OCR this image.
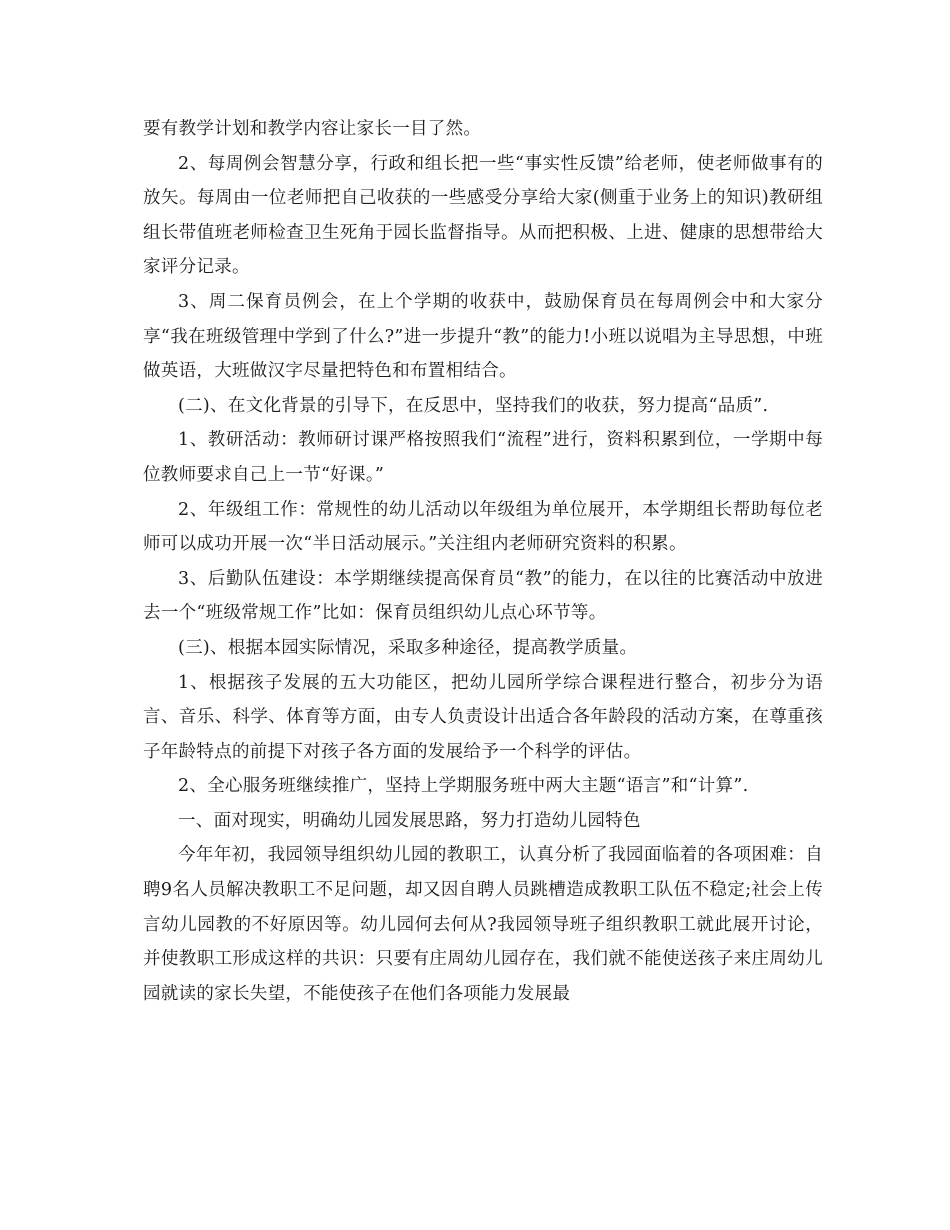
要有教学计划和教学内容让家长一目了然。

2、每周例会智慧分享，行政和组长把一些“事实性反馈”给老师，使老师做事有的放矢。每周由一位老师把自己收获的一些感受分享给大家(侧重于业务上的知识)教研组组长带值班老师检查卫生死角于园长监督指导。从而把积极、上进、健康的思想带给大家评分记录。

3、周二保育员例会，在上个学期的收获中，鼓励保育员在每周例会中和大家分享“我在班级管理中学到了什么?”进一步提升“教”的能力!小班以说唱为主导思想，中班做英语，大班做汉字尽量把特色和布置相结合。

(二)、在文化背景的引导下，在反思中，坚持我们的收获，努力提高“品质”.

1、教研活动：教师研讨课严格按照我们“流程”进行，资料积累到位，一学期中每位教师要求自己上一节“好课。”

2、年级组工作：常规性的幼儿活动以年级组为单位展开，本学期组长帮助每位老师可以成功开展一次“半日活动展示。”关注组内老师研究资料的积累。

3、后勤队伍建设：本学期继续提高保育员“教”的能力，在以往的比赛活动中放进去一个“班级常规工作”比如：保育员组织幼儿点心环节等。

(三)、根据本园实际情况，采取多种途径，提高教学质量。

1、根据孩子发展的五大功能区，把幼儿园所学综合课程进行整合，初步分为语言、音乐、科学、体育等方面，由专人负责设计出适合各年龄段的活动方案，在尊重孩子年龄特点的前提下对孩子各方面的发展给予一个科学的评估。

2、全心服务班继续推广，坚持上学期服务班中两大主题“语言”和“计算”.

一、面对现实，明确幼儿园发展思路，努力打造幼儿园特色

今年年初，我园领导组织幼儿园的教职工，认真分析了我园面临着的各项困难：自聘9名人员解决教职工不足问题，却又因自聘人员跳槽造成教职工队伍不稳定;社会上传言幼儿园教的不好原因等。幼儿园何去何从?我园领导班子组织教职工就此展开讨论，并使教职工形成这样的共识：只要有庄周幼儿园存在，我们就不能使送孩子来庄周幼儿园就读的家长失望，不能使孩子在他们各项能力发展最
